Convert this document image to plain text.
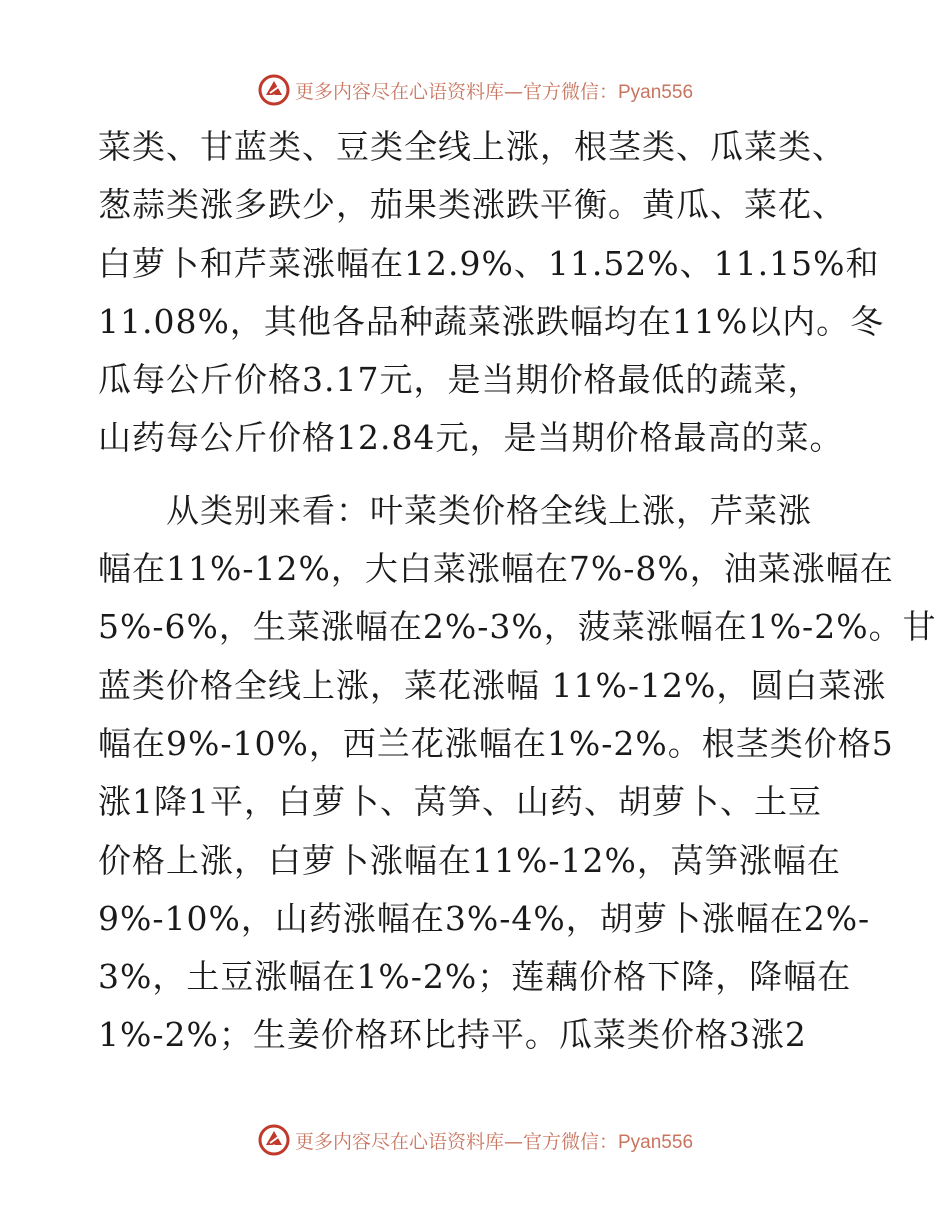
更多内容尽在心语资料库—官方微信：Pyan556

菜类、甘蓝类、豆类全线上涨，根茎类、瓜菜类、
葱蒜类涨多跌少，茄果类涨跌平衡。黄瓜、菜花、
白萝卜和芹菜涨幅在12.9%、11.52%、11.15%和
11.08%，其他各品种蔬菜涨跌幅均在11%以内。冬
瓜每公斤价格3.17元，是当期价格最低的蔬菜，
山药每公斤价格12.84元，是当期价格最高的菜。

　　从类别来看：叶菜类价格全线上涨，芹菜涨
幅在11%-12%，大白菜涨幅在7%-8%，油菜涨幅在
5%-6%，生菜涨幅在2%-3%，菠菜涨幅在1%-2%。甘
蓝类价格全线上涨，菜花涨幅 11%-12%，圆白菜涨
幅在9%-10%，西兰花涨幅在1%-2%。根茎类价格5
涨1降1平，白萝卜、莴笋、山药、胡萝卜、土豆
价格上涨，白萝卜涨幅在11%-12%，莴笋涨幅在
9%-10%，山药涨幅在3%-4%，胡萝卜涨幅在2%-
3%，土豆涨幅在1%-2%；莲藕价格下降，降幅在
1%-2%；生姜价格环比持平。瓜菜类价格3涨2

更多内容尽在心语资料库—官方微信：Pyan556
